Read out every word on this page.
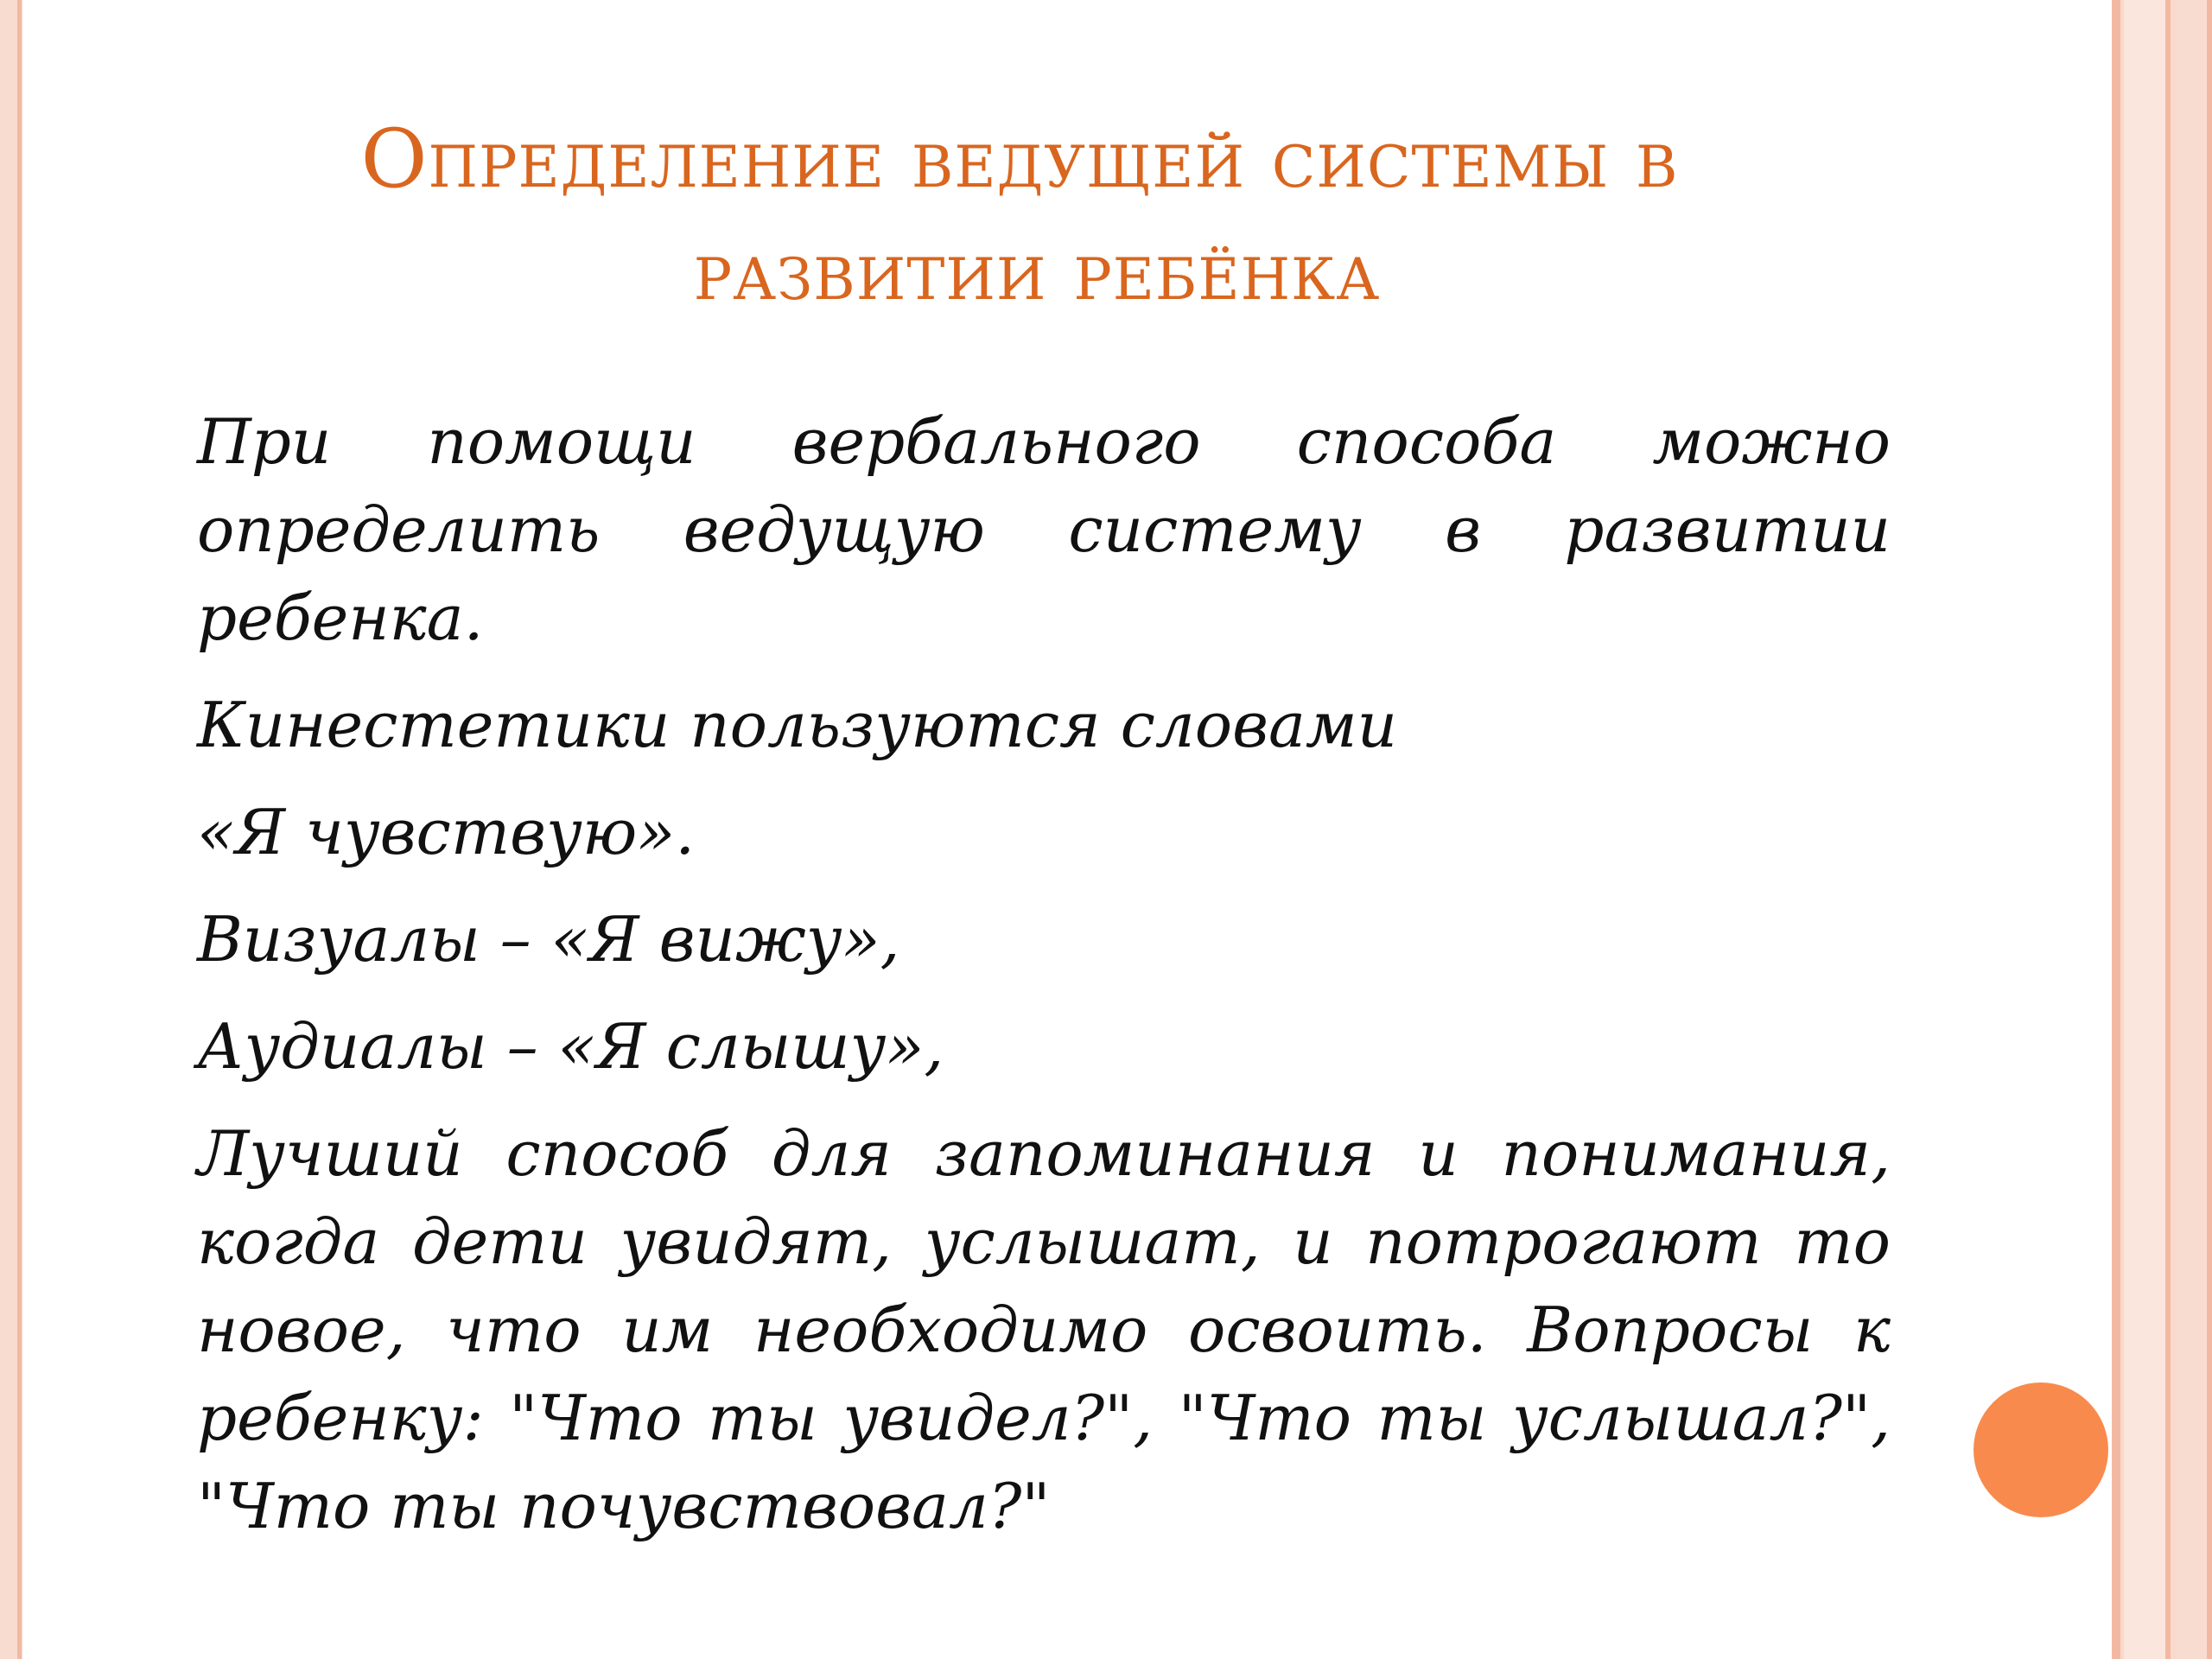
Определение ведущей системы в
развитии ребёнка

При помощи вербального способа можно определить ведущую систему в развитии ребенка.

Кинестетики пользуются словами

«Я чувствую».

Визуалы – «Я вижу»,

Аудиалы – «Я слышу»,

Лучший способ для запоминания и понимания, когда дети увидят, услышат, и потрогают то новое, что им необходимо освоить. Вопросы к ребенку: "Что ты увидел?", "Что ты услышал?", "Что ты почувствовал?"
